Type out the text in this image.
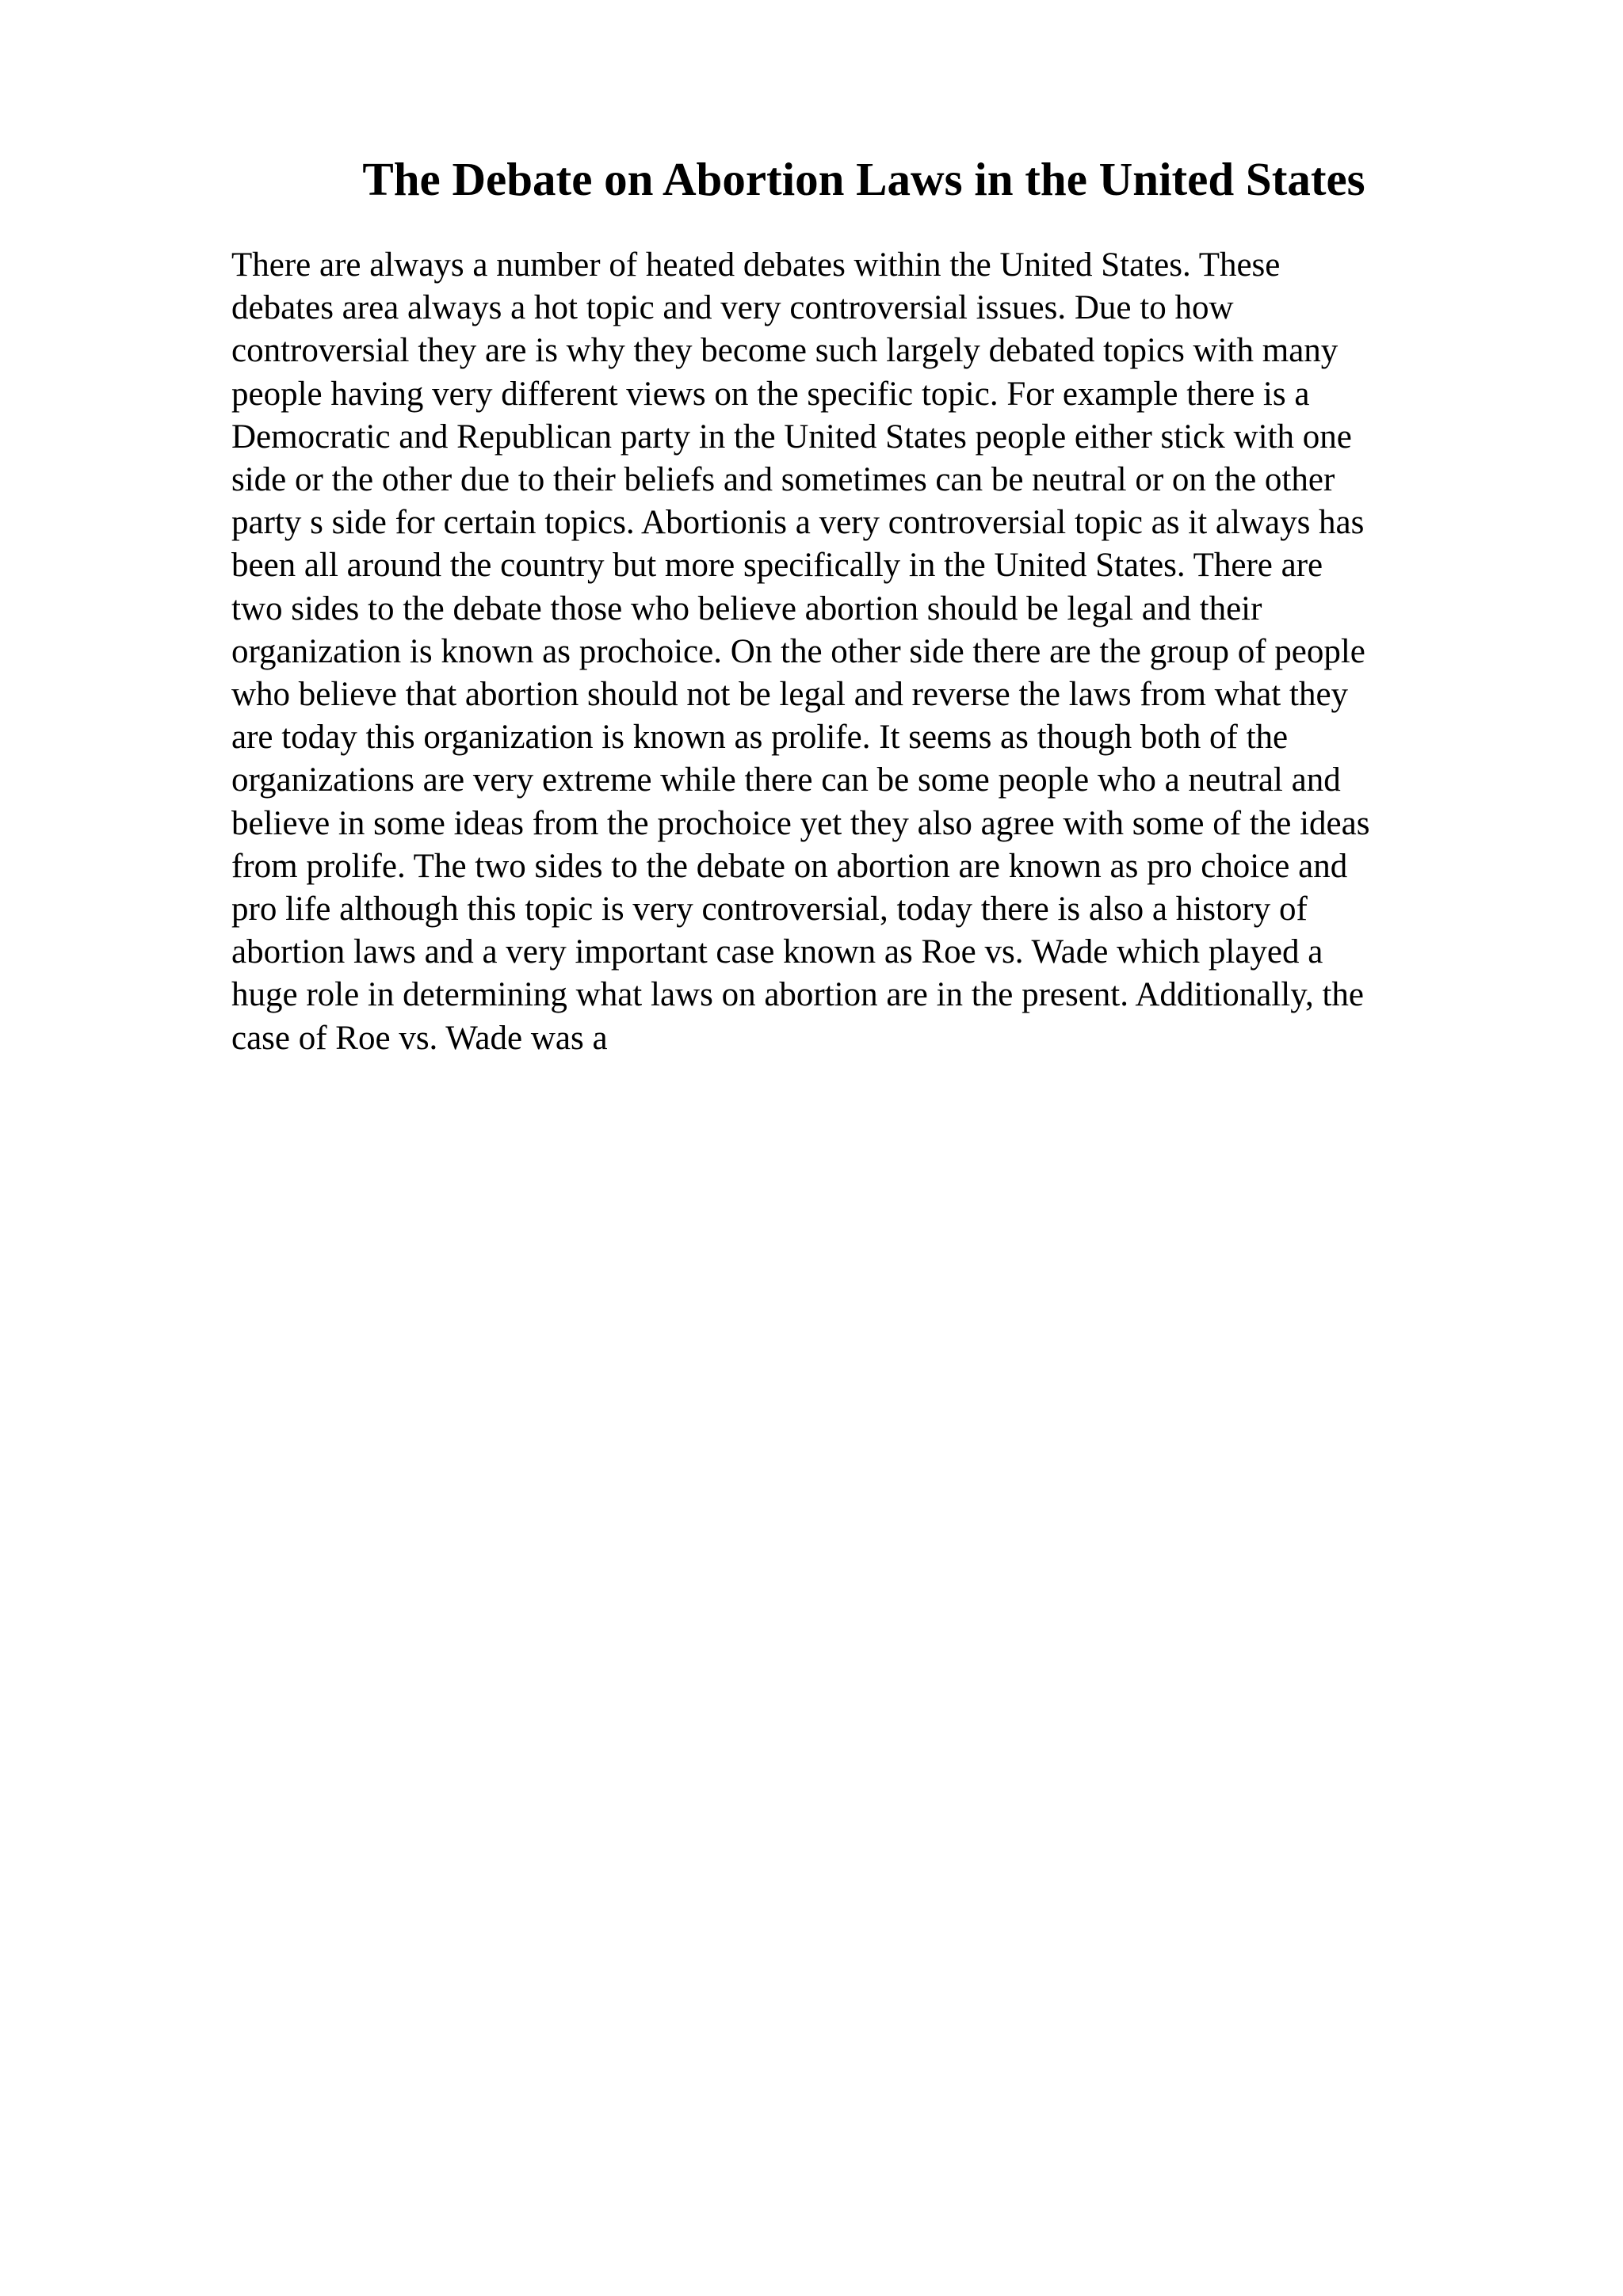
The Debate on Abortion Laws in the United States
There are always a number of heated debates within the United States. These
debates area always a hot topic and very controversial issues. Due to how
controversial they are is why they become such largely debated topics with many
people having very different views on the specific topic. For example there is a
Democratic and Republican party in the United States people either stick with one
side or the other due to their beliefs and sometimes can be neutral or on the other
party s side for certain topics. Abortionis a very controversial topic as it always has
been all around the country but more specifically in the United States. There are
two sides to the debate those who believe abortion should be legal and their
organization is known as prochoice. On the other side there are the group of people
who believe that abortion should not be legal and reverse the laws from what they
are today this organization is known as prolife. It seems as though both of the
organizations are very extreme while there can be some people who a neutral and
believe in some ideas from the prochoice yet they also agree with some of the ideas
from prolife. The two sides to the debate on abortion are known as pro choice and
pro life although this topic is very controversial, today there is also a history of
abortion laws and a very important case known as Roe vs. Wade which played a
huge role in determining what laws on abortion are in the present. Additionally, the
case of Roe vs. Wade was a
